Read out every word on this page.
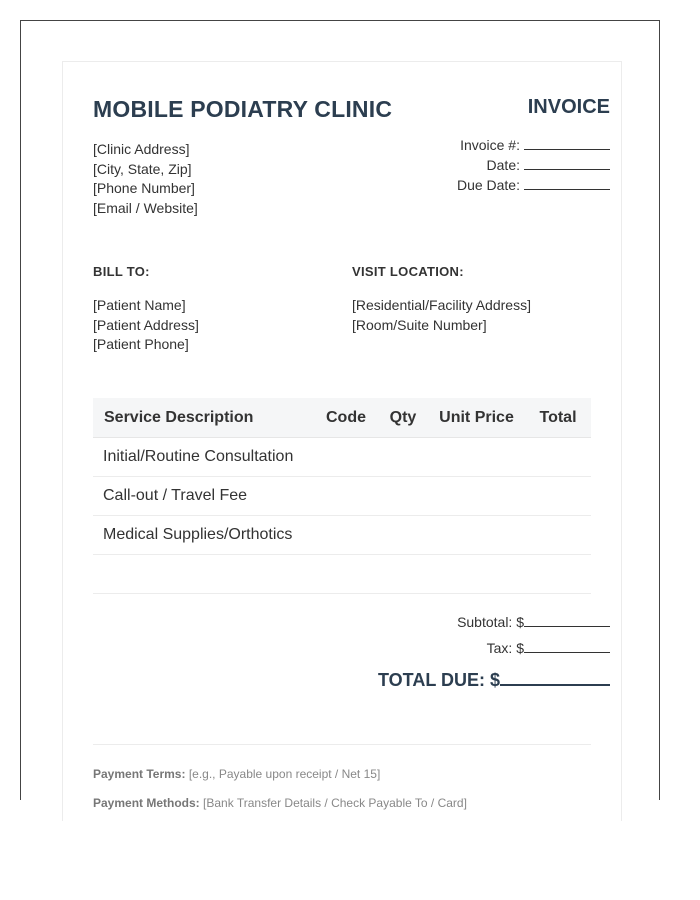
MOBILE PODIATRY CLINIC	INVOICE
[Clinic Address]
[City, State, Zip]
[Phone Number]
[Email / Website]
Invoice #:
Date:
Due Date:
BILL TO:	VISIT LOCATION:
[Patient Name]
[Patient Address]
[Patient Phone]
[Residential/Facility Address]
[Room/Suite Number]
Service Description	Code	Qty	Unit Price	Total
Initial/Routine Consultation				
Call-out / Travel Fee				
Medical Supplies/Orthotics				

Subtotal: $
Tax: $
TOTAL DUE: $
Payment Terms: [e.g., Payable upon receipt / Net 15]
Payment Methods: [Bank Transfer Details / Check Payable To / Card]
